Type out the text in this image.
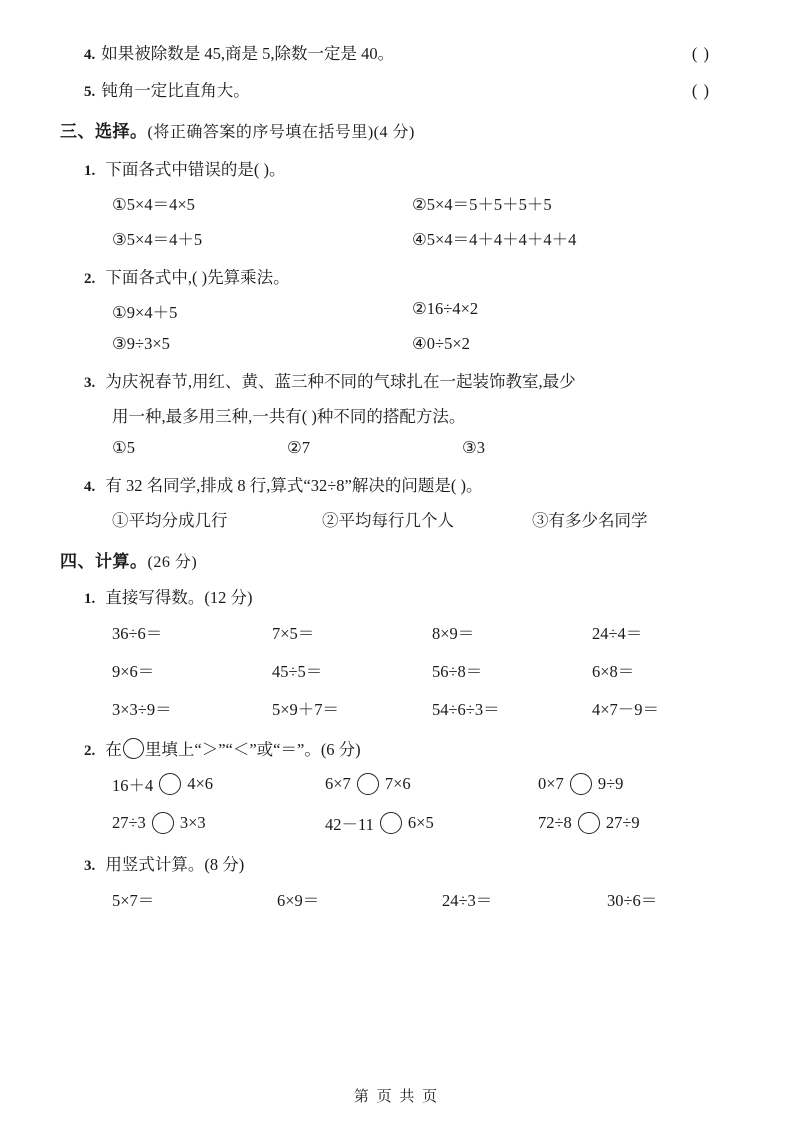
4. 如果被除数是 45,商是 5,除数一定是 40。	( )
5. 钝角一定比直角大。	( )
三、选择。(将正确答案的序号填在括号里)(4 分)
1. 下面各式中错误的是( )。
①5×4＝4×5	②5×4＝5＋5＋5＋5
③5×4＝4＋5	④5×4＝4＋4＋4＋4＋4
2. 下面各式中,( )先算乘法。
①9×4＋5	②16÷4×2
③9÷3×5	④0÷5×2
3. 为庆祝春节,用红、黄、蓝三种不同的气球扎在一起装饰教室,最少
用一种,最多用三种,一共有( )种不同的搭配方法。
①5	②7	③3
4. 有 32 名同学,排成 8 行,算式“32÷8”解决的问题是( )。
①平均分成几行	②平均每行几个人	③有多少名同学
四、计算。(26 分)
1. 直接写得数。(12 分)
36÷6＝	7×5＝	8×9＝	24÷4＝
9×6＝	45÷5＝	56÷8＝	6×8＝
3×3÷9＝	5×9＋7＝	54÷6÷3＝	4×7－9＝
2. 在 里填上“＞”“＜”或“＝”。(6 分)
16＋4 4×6	6×7 7×6	0×7 9÷9
27÷3 3×3	42－11 6×5	72÷8 27÷9
3. 用竖式计算。(8 分)
5×7＝	6×9＝	24÷3＝	30÷6＝
第 页 共 页
